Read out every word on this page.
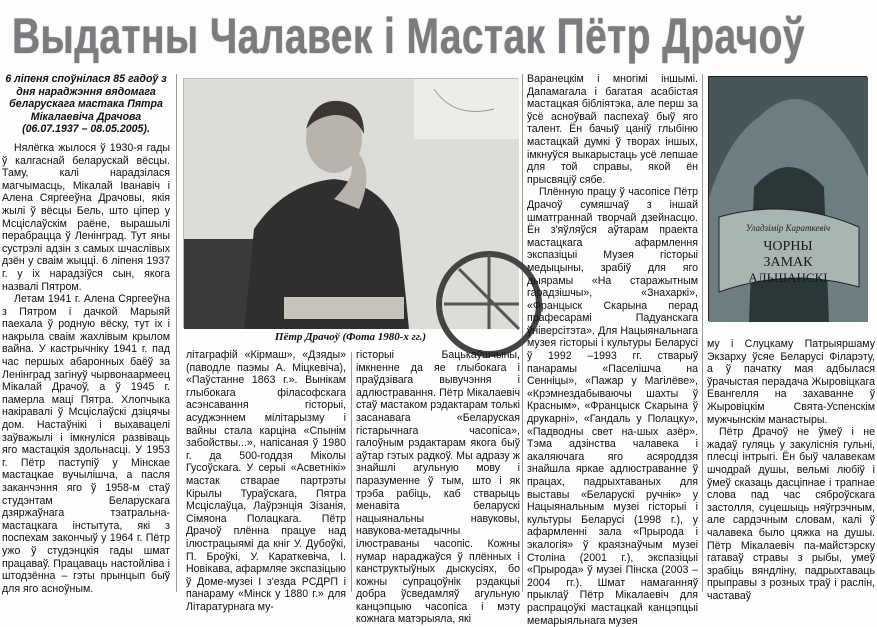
Выдатны Чалавек і Мастак Пётр Драчоў

6 ліпеня споўнілася 85 гадоў з дня нараджэння вядомага беларускага мастака Пятра Мікалаевіча Драчова (06.07.1937 – 08.05.2005).

Нялёгка жылося ў 1930-я гады ў калгаснай беларускай вёсцы. Таму, калі нарадзілася магчымасць, Мікалай Іванавіч і Алена Сяргееўна Драчовы, якія жылі ў вёсцы Бель, што ціпер у Мсціслаўскім раёне, вырашылі перабрацца ў Ленінград. Тут яны сустрэлі адзін з самых шчаслівых дзён у сваім жыцці. 6 ліпеня 1937 г. у іх нарадзіўся сын, якога назвалі Пятром.

Летам 1941 г. Алена Сяргееўна з Пятром і дачкой Марыяй паехала ў родную вёску, тут іх і накрыла сваім жахлівым крылом вайна. У кастрычніку 1941 г. пад час першых абаронных баёў за Ленінград загінуў чырвонаармеец Мікалай Драчоў, а ў 1945 г. памерла маці Пятра. Хлопчыка накіравалі ў Мсціслаўскі дзіцячы дом. Настаўнікі і выхавацелі заўважылі і імкнуліся развіваць яго мастацкія здольнасці. У 1953 г. Пётр паступіў у Мінскае мастацкае вучылішча, а пасля заканчэння яго ў 1958-м стаў студэнтам Беларускага дзяржаўнага тэатральна-мастацкага інстытута, які з поспехам закончыў у 1964 г. Пётр ужо ў студэнцкія гады шмат працаваў. Працаваць настойліва і штодзённа – гэты прынцып быў для яго асноўным.

Пётр Драчоў (Фота 1980-х гг.)

літаграфій «Кірмаш», «Дзяды» (паводле паэмы А. Міцкевіча), «Паўстанне 1863 г.». Вынікам глыбокага філасофскага асэнсавання гісторыі, асуджэннем мілітарызму і вайны стала карціна «Спынім забойствы...», напісаная ў 1980 г. да 500-годдзя Міколы Гусоўскага. У серыі «Асветнікі» мастак ствараe партрэты Кірылы Тураўскага, Пятра Мсціслаўца, Лаўрэнція Зізанія, Сімяона Полацкага. Пётр Драчоў плённа працуе над ілюстрацыямі да кніг У. Дубоўкі, П. Броўкі, У. Караткевіча, І. Новікава, афармляе экспазіцыю ў Доме-музеі І з'езда РСДРП і панараму «Мінск у 1880 г.» для Літаратурнага му-

гісторыі Бацькаўшчыны, імкненне да яе глыбокага і праўдзівага вывучэння і адлюстравання. Пётр Мікалаевіч стаў мастаком рэдактарам толькі засанавага «Беларуская гістарычнага часопіса», галоўным рэдактарам якога быў аўтар гэтых радкоў. Мы адразу ж знайшлі агульную мову і паразуменне ў тым, што і як трэба рабіць, каб стварыць менавіта беларускі нацыянальны навуковы, навукова-метадычны ілюстраваны часопіс. Кожны нумар нараджаўся ў плённых і канструктыўных дыскусіях, бо кожны супрацоўнік рэдакцыі добра ўсведамляў агульную канцэпцыю часопіса і мэту кожнага матэрыяла, які

Варанецкім і многімі іншымі. Дапамагала і багатая асабістая мастацкая бібліятэка, але перш за ўсё асноўвай паспехаў быў яго талент. Ён бачыў цаніў глыбіню мастацкай думкі ў творах іншых, імкнуўся выкарыстаць усё лепшае для той справы, якой ён прысвяціў сябе.

Плённую працу ў часопісе Пётр Драчоў сумяшчаў з іншай шматграннай творчай дзейнасцю. Ён з'яўляўся аўтарам праекта мастацкага афармлення экспазіцыі Музея гісторыі медыцыны, зрабіў для яго дыярамы «На старажытным гарадзішчы», «Знахаркі», «Францыск Скарына перад прафесарамі Падуанскага ўніверсітэта». Для Нацыянальнага музея гісторыі і культуры Беларусі ў 1992 –1993 гг. стварыў панарамы «Паселішча на Сенніцы», «Пажар у Магілёве», «Крэмнездабываючы шахты ў Красным», «Францыск Скарына ў друкарні», «Гандаль у Полацку», «Падводны свет на-шых азёр». Тэма адзінства чалавека і акаляючага яго асяроддзя знайшла яркае адлюстраванне ў працах, падрыхтаваных для выставы «Беларускі ручнік» у Нацыянальным музеі гісторыі і культуры Беларусі (1998 г.), у афармленні зала «Прырода і экалогія» ў краязнаўчым музеі Століна (2001 г.), экспазіцыі «Прырода» ў музеі Пінска (2003 – 2004 гг.). Шмат намаганняў прыклаў Пётр Мікалаевіч для распрацоўкі мастацкай канцэпцыі мемарыяльнага музея

Уладзімір Караткевіч
ЧОРНЫ
ЗАМАК
АЛЬШАНСКІ

му і Слуцкаму Патрыяршаму Экзарху ўсяе Беларусі Філарэту, а ў пачатку мая адбылася ўрачыстая перадача Жыровіцкага Евангелля на захаванне ў Жыровіцкім Свята-Успенскім мужчынскім манастыры.

Пётр Драчоў не ўмеў і не жадаў гуляць у закуліснія гульні, плесці інтрыгі. Ён быў чалавекам шчодрай душы, вельмі любіў і ўмеў сказаць дасціпнае і трапнае слова пад час сяброўскага застолля, суцешыць няўгрэчным, але сардэчным словам, калі ў чалавека было цяжка на душы. Пётр Мікалаевіч па-майстэрску гатаваў стравы з рыбы, умеў зрабіць вяндліну, падрыхтаваць прыправы з розных траў і раслін, частаваў
